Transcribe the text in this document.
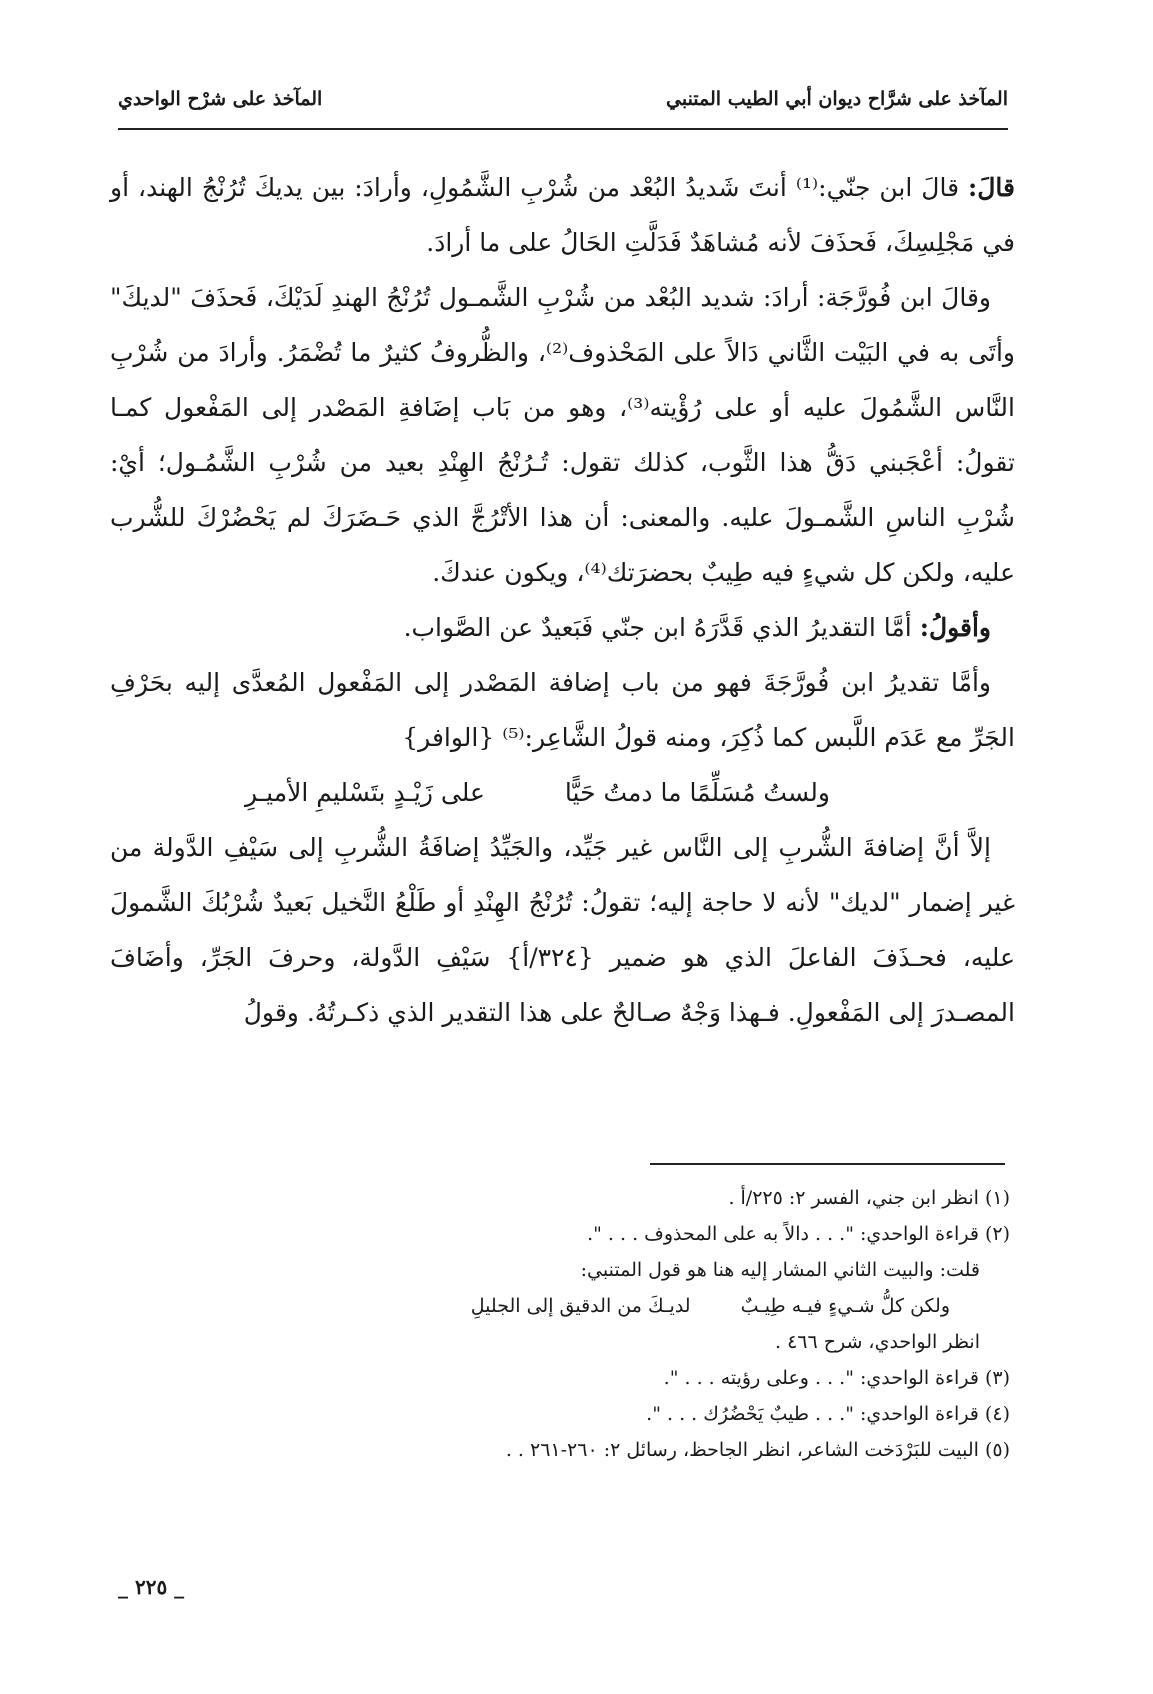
المآخذ على شرَّاح ديوان أبي الطيب المتنبي
المآخذ على شرْح الواحدي

قالَ: قالَ ابن جنّي:⁽¹⁾ أنتَ شَديدُ البُعْد من شُرْبِ الشَّمُولِ، وأرادَ: بين يديكَ تُرُنْجُ الهند، أو في مَجْلِسِكَ، فَحذَفَ لأنه مُشاهَدٌ فَدَلَّتِ الحَالُ على ما أرادَ.

وقالَ ابن فُورَّجَة: أرادَ: شديد البُعْد من شُرْبِ الشَّمـول تُرُنْجُ الهندِ لَدَيْكَ، فَحذَفَ "لديكَ" وأتَى به في البَيْت الثَّاني دَالاً على المَحْذوف⁽²⁾، والظُّروفُ كثيرٌ ما تُضْمَرُ. وأرادَ من شُرْبِ النَّاس الشَّمُولَ عليه أو على رُؤْيته⁽³⁾، وهو من بَاب إضَافةِ المَصْدر إلى المَفْعول كمـا تقولُ: أعْجَبني دَقُّ هذا الثَّوب، كذلك تقول: تُـرُنْجُ الهِنْدِ بعيد من شُرْبِ الشَّمُـول؛ أيْ: شُرْبِ الناسِ الشَّمـولَ عليه. والمعنى: أن هذا الأتْرُجَّ الذي حَـضَرَكَ لم يَحْضُرْكَ للشُّرب عليه، ولكن كل شيءٍ فيه طِيبٌ بحضرَتك⁽⁴⁾، ويكون عندكَ.

وأقولُ: أمَّا التقديرُ الذي قَدَّرَهُ ابن جنّي فَبَعيدٌ عن الصَّواب.

وأمَّا تقديرُ ابن فُورَّجَةَ فهو من باب إضافة المَصْدر إلى المَفْعول المُعدَّى إليه بحَرْفِ الجَرِّ مع عَدَم اللَّبس كما ذُكِرَ، ومنه قولُ الشَّاعِر:⁽⁵⁾ {الوافر}

ولستُ مُسَلِّمًا ما دمتُ حَيًّا
على زَيْـدٍ بتَسْليمِ الأميـرِ

إلاَّ أنَّ إضافةَ الشُّربِ إلى النَّاس غير جَيِّد، والجَيِّدُ إضافَةُ الشُّربِ إلى سَيْفِ الدَّولة من غير إضمار "لديك" لأنه لا حاجة إليه؛ تقولُ: تُرُنْجُ الهِنْدِ أو طَلْعُ النَّخيل بَعيدٌ شُرْبُكَ الشَّمولَ عليه، فحـذَفَ الفاعلَ الذي هو ضمير {٣٢٤/أ} سَيْفِ الدَّولة، وحرفَ الجَرِّ، وأضَافَ المصـدرَ إلى المَفْعولِ. فـهذا وَجْهٌ صـالحٌ على هذا التقدير الذي ذكـرتُهُ. وقولُ

(١) انظر ابن جني، الفسر ٢: ٢٢٥/أ .

(٢) قراءة الواحدي: ". . . دالاً به على المحذوف . . . ".

قلت: والبيت الثاني المشار إليه هنا هو قول المتنبي:

ولكن كلُّ شـيءٍ فيـه طِيـبٌ
لديـكَ من الدقيق إلى الجليلِ

انظر الواحدي، شرح ٤٦٦ .

(٣) قراءة الواحدي: ". . . وعلى رؤيته . . . ".

(٤) قراءة الواحدي: ". . . طيبٌ يَحْضُرُك . . . ".

(٥) البيت للبَرْدَخت الشاعر، انظر الجاحظ، رسائل ٢: ٢٦٠-٢٦١ . .

_ ٢٢٥ _
